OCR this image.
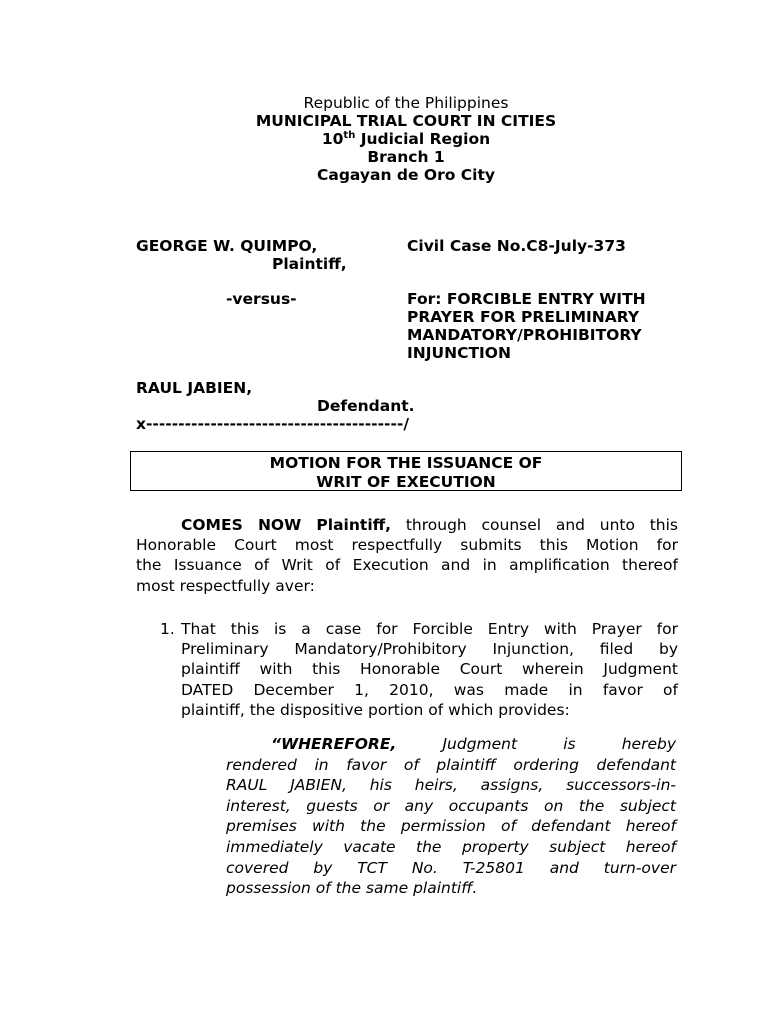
Republic of the Philippines
MUNICIPAL TRIAL COURT IN CITIES
10th Judicial Region
Branch 1
Cagayan de Oro City
GEORGE W. QUIMPO,
Plaintiff,
Civil Case No.C8-July-373
-versus-	For: FORCIBLE ENTRY WITH
PRAYER FOR PRELIMINARY
MANDATORY/PROHIBITORY
INJUNCTION
RAUL JABIEN,
Defendant.
x----------------------------------------/
MOTION FOR THE ISSUANCE OF
WRIT OF EXECUTION
COMES NOW Plaintiff, through counsel and unto this
Honorable Court most respectfully submits this Motion for
the Issuance of Writ of Execution and in amplification thereof
most respectfully aver:
1. That this is a case for Forcible Entry with Prayer for
Preliminary Mandatory/Prohibitory Injunction, filed by
plaintiff with this Honorable Court wherein Judgment
DATED December 1, 2010, was made in favor of
plaintiff, the dispositive portion of which provides:
“WHEREFORE, Judgment is hereby
rendered in favor of plaintiff ordering defendant
RAUL JABIEN, his heirs, assigns, successors-in-
interest, guests or any occupants on the subject
premises with the permission of defendant hereof
immediately vacate the property subject hereof
covered by TCT No. T-25801 and turn-over
possession of the same plaintiff.
